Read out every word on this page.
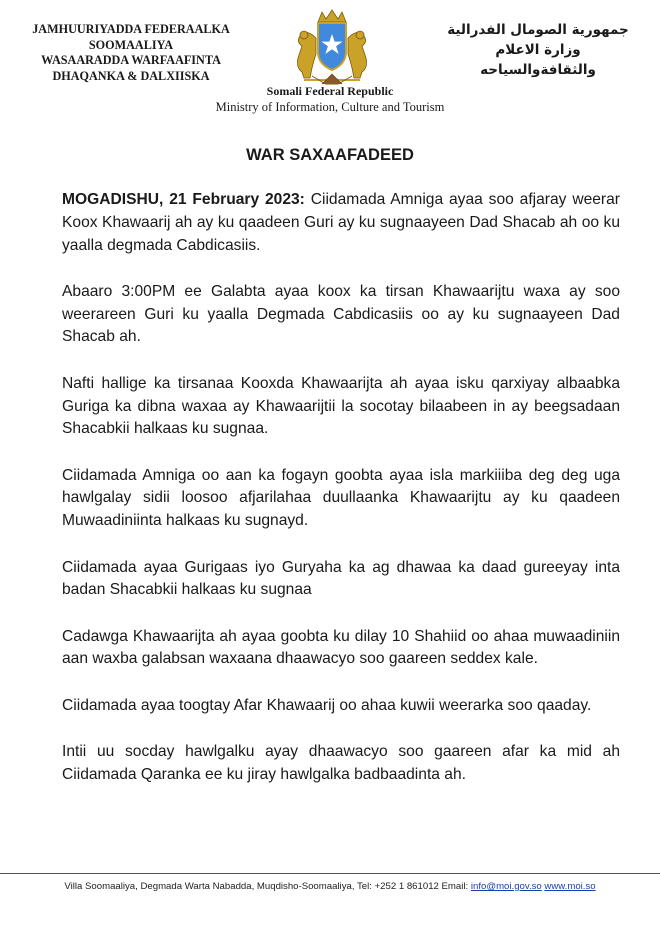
JAMHUURIYADDA FEDERAALKA
SOOMAALIYA
WASAARADDA WARFAAFINTA
DHAQANKA & DALXIISKA
Somali Federal Republic
Ministry of Information, Culture and Tourism
جمهورية الصومال الفدرالية
وزارة الاعلام
والثقافةوالسياحه
WAR SAXAAFADEED

MOGADISHU, 21 February 2023: Ciidamada Amniga ayaa soo afjaray weerar Koox Khawaarij ah ay ku qaadeen Guri ay ku sugnaayeen Dad Shacab ah oo ku yaalla degmada Cabdicasiis.

Abaaro 3:00PM ee Galabta ayaa koox ka tirsan Khawaarijtu waxa ay soo weerareen Guri ku yaalla Degmada Cabdicasiis oo ay ku sugnaayeen Dad Shacab ah.

Nafti hallige ka tirsanaa Kooxda Khawaarijta ah ayaa isku qarxiyay albaabka Guriga ka dibna waxaa ay Khawaarijtii la socotay bilaabeen in ay beegsadaan Shacabkii halkaas ku sugnaa.

Ciidamada Amniga oo aan ka fogayn goobta ayaa isla markiiiba deg deg uga hawlgalay sidii loosoo afjarilahaa duullaanka Khawaarijtu ay ku qaadeen Muwaadiniinta halkaas ku sugnayd.

Ciidamada ayaa Gurigaas iyo Guryaha ka ag dhawaa ka daad gureeyay inta badan Shacabkii halkaas ku sugnaa

Cadawga Khawaarijta ah ayaa goobta ku dilay 10 Shahiid oo ahaa muwaadiniin aan waxba galabsan waxaana dhaawacyo soo gaareen seddex kale.

Ciidamada ayaa toogtay Afar Khawaarij oo ahaa kuwii weerarka soo qaaday.

Intii uu socday hawlgalku ayay dhaawacyo soo gaareen afar ka mid ah Ciidamada Qaranka ee ku jiray hawlgalka badbaadinta ah.

Villa Soomaaliya, Degmada Warta Nabadda, Muqdisho-Soomaaliya, Tel: +252 1 861012 Email: info@moi.gov.so www.moi.so
